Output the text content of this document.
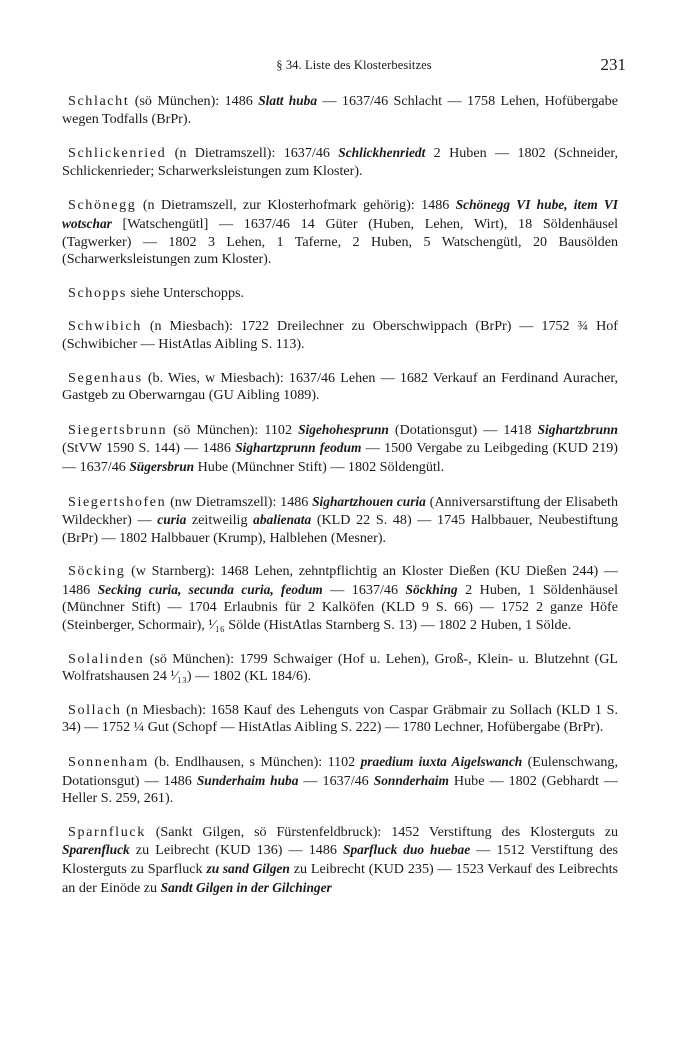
§ 34. Liste des Klosterbesitzes	231

Schlacht (sö München): 1486 Slatt huba — 1637/46 Schlacht — 1758 Lehen, Hofübergabe wegen Todfalls (BrPr).

Schlickenried (n Dietramszell): 1637/46 Schlickhenriedt 2 Huben — 1802 (Schneider, Schlickenrieder; Scharwerksleistungen zum Kloster).

Schönegg (n Dietramszell, zur Klosterhofmark gehörig): 1486 Schönegg VI hube, item VI wotschar [Watschengütl] — 1637/46 14 Güter (Huben, Lehen, Wirt), 18 Söldenhäusel (Tagwerker) — 1802 3 Lehen, 1 Taferne, 2 Huben, 5 Watschengütl, 20 Bausölden (Scharwerksleistungen zum Kloster).

Schopps siehe Unterschopps.

Schwibich (n Miesbach): 1722 Dreilechner zu Oberschwippach (BrPr) — 1752 ¾ Hof (Schwibicher — HistAtlas Aibling S. 113).

Segenhaus (b. Wies, w Miesbach): 1637/46 Lehen — 1682 Verkauf an Ferdinand Auracher, Gastgeb zu Oberwarngau (GU Aibling 1089).

Siegertsbrunn (sö München): 1102 Sigehohesprunn (Dotationsgut) — 1418 Sighartzbrunn (StVW 1590 S. 144) — 1486 Sighartzprunn feodum — 1500 Vergabe zu Leibgeding (KUD 219) — 1637/46 Sügersbrun Hube (Münchner Stift) — 1802 Söldengütl.

Siegertshofen (nw Dietramszell): 1486 Sighartzhouen curia (Anniversarstiftung der Elisabeth Wildeckher) — curia zeitweilig abalienata (KLD 22 S. 48) — 1745 Halbbauer, Neubestiftung (BrPr) — 1802 Halbbauer (Krump), Halblehen (Mesner).

Söcking (w Starnberg): 1468 Lehen, zehntpflichtig an Kloster Dießen (KU Dießen 244) — 1486 Secking curia, secunda curia, feodum — 1637/46 Söckhing 2 Huben, 1 Söldenhäusel (Münchner Stift) — 1704 Erlaubnis für 2 Kalköfen (KLD 9 S. 66) — 1752 2 ganze Höfe (Steinberger, Schormair), ¹⁄₁₆ Sölde (HistAtlas Starnberg S. 13) — 1802 2 Huben, 1 Sölde.

Solalinden (sö München): 1799 Schwaiger (Hof u. Lehen), Groß-, Klein- u. Blutzehnt (GL Wolfratshausen 24 ¹⁄₁₃) — 1802 (KL 184/6).

Sollach (n Miesbach): 1658 Kauf des Lehenguts von Caspar Gräbmair zu Sollach (KLD 1 S. 34) — 1752 ¼ Gut (Schopf — HistAtlas Aibling S. 222) — 1780 Lechner, Hofübergabe (BrPr).

Sonnenham (b. Endlhausen, s München): 1102 praedium iuxta Aigelswanch (Eulenschwang, Dotationsgut) — 1486 Sunderhaim huba — 1637/46 Sonnderhaim Hube — 1802 (Gebhardt — Heller S. 259, 261).

Sparnfluck (Sankt Gilgen, sö Fürstenfeldbruck): 1452 Verstiftung des Klosterguts zu Sparenfluck zu Leibrecht (KUD 136) — 1486 Sparfluck duo huebae — 1512 Verstiftung des Klosterguts zu Sparfluck zu sand Gilgen zu Leibrecht (KUD 235) — 1523 Verkauf des Leibrechts an der Einöde zu Sandt Gilgen in der Gilchinger
